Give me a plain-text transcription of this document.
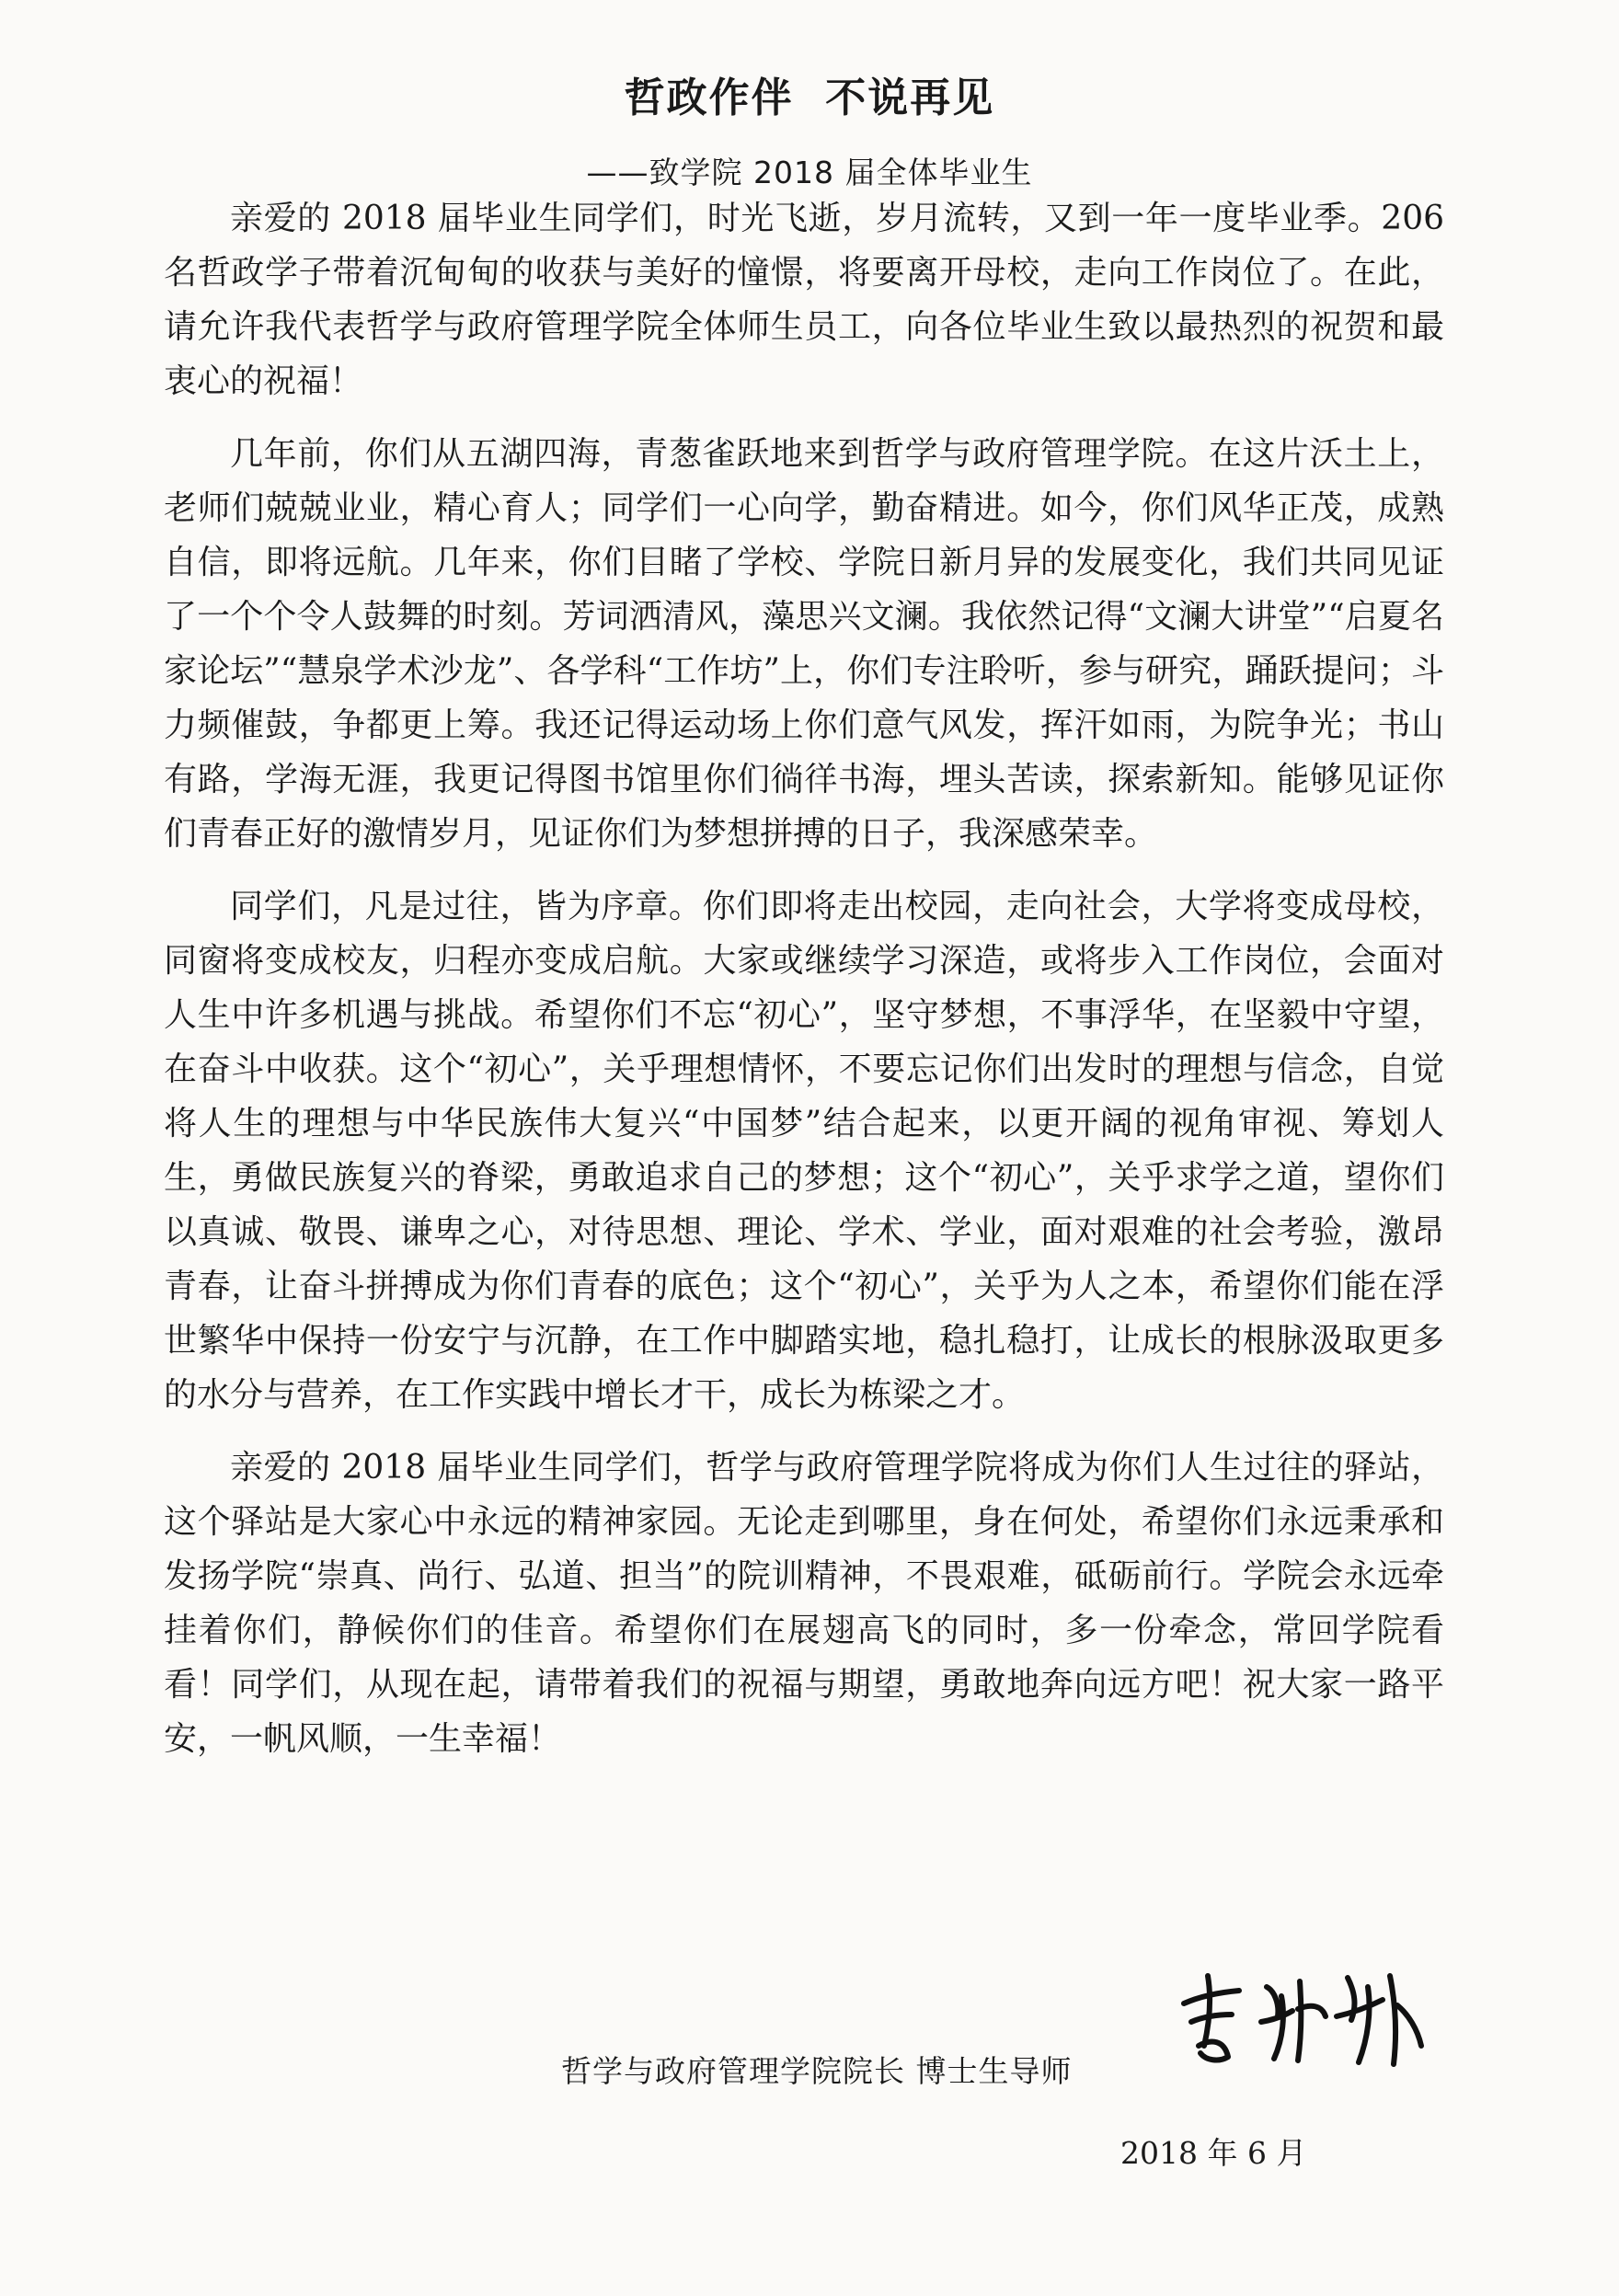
哲政作伴  不说再见
——致学院 2018 届全体毕业生

亲爱的 2018 届毕业生同学们，时光飞逝，岁月流转，又到一年一度毕业季。206名哲政学子带着沉甸甸的收获与美好的憧憬，将要离开母校，走向工作岗位了。在此，请允许我代表哲学与政府管理学院全体师生员工，向各位毕业生致以最热烈的祝贺和最衷心的祝福！

几年前，你们从五湖四海，青葱雀跃地来到哲学与政府管理学院。在这片沃土上，老师们兢兢业业，精心育人；同学们一心向学，勤奋精进。如今，你们风华正茂，成熟自信，即将远航。几年来，你们目睹了学校、学院日新月异的发展变化，我们共同见证了一个个令人鼓舞的时刻。芳词洒清风，藻思兴文澜。我依然记得“文澜大讲堂”“启夏名家论坛”“慧泉学术沙龙”、各学科“工作坊”上，你们专注聆听，参与研究，踊跃提问；斗力频催鼓，争都更上筹。我还记得运动场上你们意气风发，挥汗如雨，为院争光；书山有路，学海无涯，我更记得图书馆里你们徜徉书海，埋头苦读，探索新知。能够见证你们青春正好的激情岁月，见证你们为梦想拼搏的日子，我深感荣幸。

同学们，凡是过往，皆为序章。你们即将走出校园，走向社会，大学将变成母校，同窗将变成校友，归程亦变成启航。大家或继续学习深造，或将步入工作岗位，会面对人生中许多机遇与挑战。希望你们不忘“初心”，坚守梦想，不事浮华，在坚毅中守望，在奋斗中收获。这个“初心”，关乎理想情怀，不要忘记你们出发时的理想与信念，自觉将人生的理想与中华民族伟大复兴“中国梦”结合起来，以更开阔的视角审视、筹划人生，勇做民族复兴的脊梁，勇敢追求自己的梦想；这个“初心”，关乎求学之道，望你们以真诚、敬畏、谦卑之心，对待思想、理论、学术、学业，面对艰难的社会考验，激昂青春，让奋斗拼搏成为你们青春的底色；这个“初心”，关乎为人之本，希望你们能在浮世繁华中保持一份安宁与沉静，在工作中脚踏实地，稳扎稳打，让成长的根脉汲取更多的水分与营养，在工作实践中增长才干，成长为栋梁之才。

亲爱的 2018 届毕业生同学们，哲学与政府管理学院将成为你们人生过往的驿站，这个驿站是大家心中永远的精神家园。无论走到哪里，身在何处，希望你们永远秉承和发扬学院“崇真、尚行、弘道、担当”的院训精神，不畏艰难，砥砺前行。学院会永远牵挂着你们，静候你们的佳音。希望你们在展翅高飞的同时，多一份牵念，常回学院看看！同学们，从现在起，请带着我们的祝福与期望，勇敢地奔向远方吧！祝大家一路平安，一帆风顺，一生幸福！

哲学与政府管理学院院长 博士生导师
2018 年 6 月
